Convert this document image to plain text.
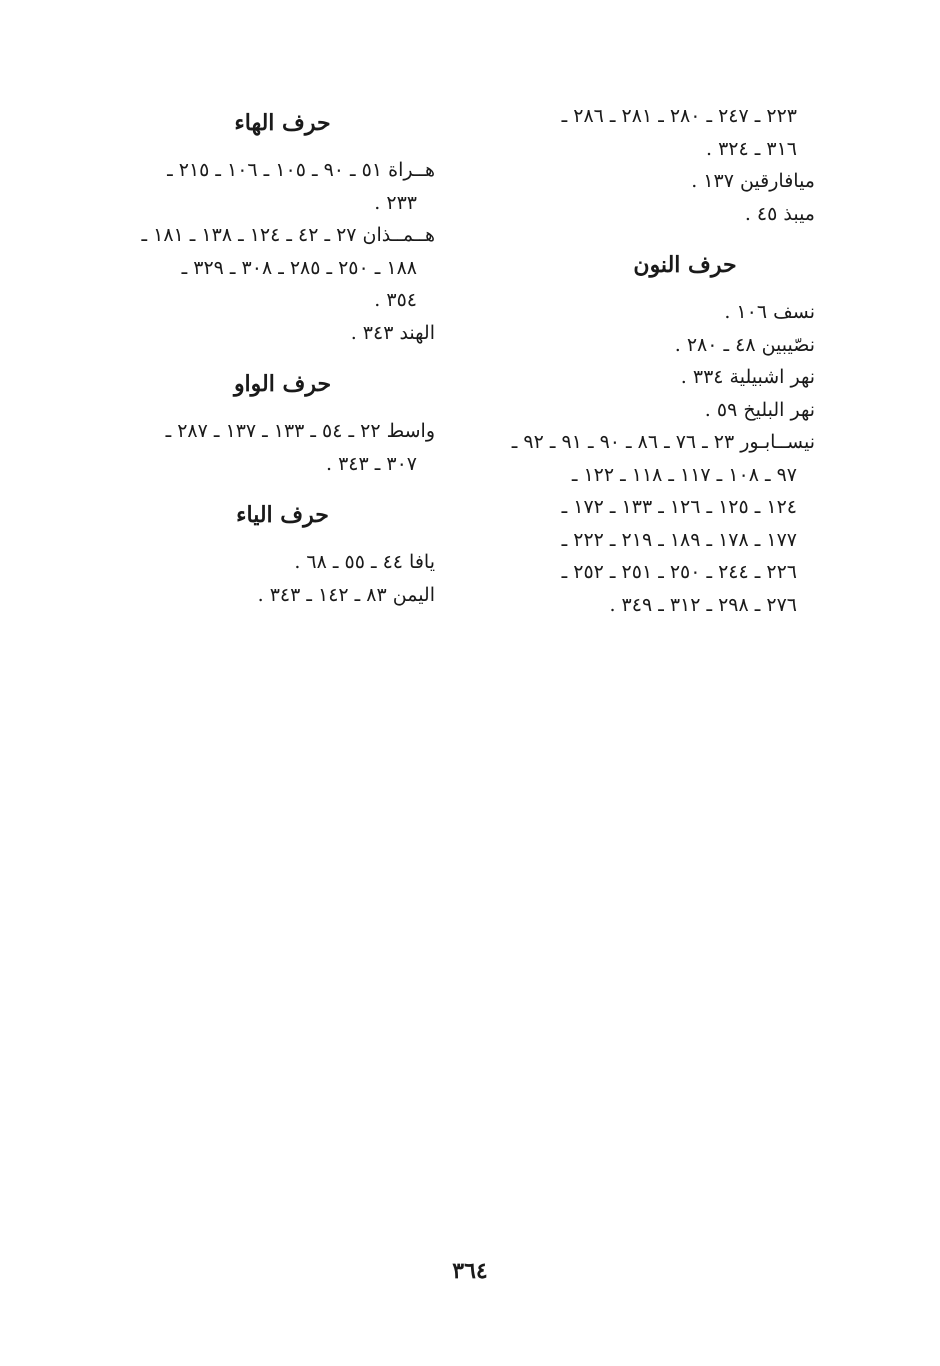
٢٢٣ ـ ٢٤٧ ـ ٢٨٠ ـ ٢٨١ ـ ٢٨٦ ـ
٣١٦ ـ ٣٢٤ .
ميافارقين ١٣٧ .
ميبذ ٤٥ .
حرف النون
نسف ١٠٦ .
نصّيبين ٤٨ ـ ٢٨٠ .
نهر اشبيلية ٣٣٤ .
نهر البليخ ٥٩ .
نيســابـور ٢٣ ـ ٧٦ ـ ٨٦ ـ ٩٠ ـ ٩١ ـ ٩٢ ـ
٩٧ ـ ١٠٨ ـ ١١٧ ـ ١١٨ ـ ١٢٢ ـ
١٢٤ ـ ١٢٥ ـ ١٢٦ ـ ١٣٣ ـ ١٧٢ ـ
١٧٧ ـ ١٧٨ ـ ١٨٩ ـ ٢١٩ ـ ٢٢٢ ـ
٢٢٦ ـ ٢٤٤ ـ ٢٥٠ ـ ٢٥١ ـ ٢٥٢ ـ
٢٧٦ ـ ٢٩٨ ـ ٣١٢ ـ ٣٤٩ .
حرف الهاء
هــراة ٥١ ـ ٩٠ ـ ١٠٥ ـ ١٠٦ ـ ٢١٥ ـ
٢٣٣ .
هــمــذان ٢٧ ـ ٤٢ ـ ١٢٤ ـ ١٣٨ ـ ١٨١ ـ
١٨٨ ـ ٢٥٠ ـ ٢٨٥ ـ ٣٠٨ ـ ٣٢٩ ـ
٣٥٤ .
الهند ٣٤٣ .
حرف الواو
واسط ٢٢ ـ ٥٤ ـ ١٣٣ ـ ١٣٧ ـ ٢٨٧ ـ
٣٠٧ ـ ٣٤٣ .
حرف الياء
يافا ٤٤ ـ ٥٥ ـ ٦٨ .
اليمن ٨٣ ـ ١٤٢ ـ ٣٤٣ .
٣٦٤
